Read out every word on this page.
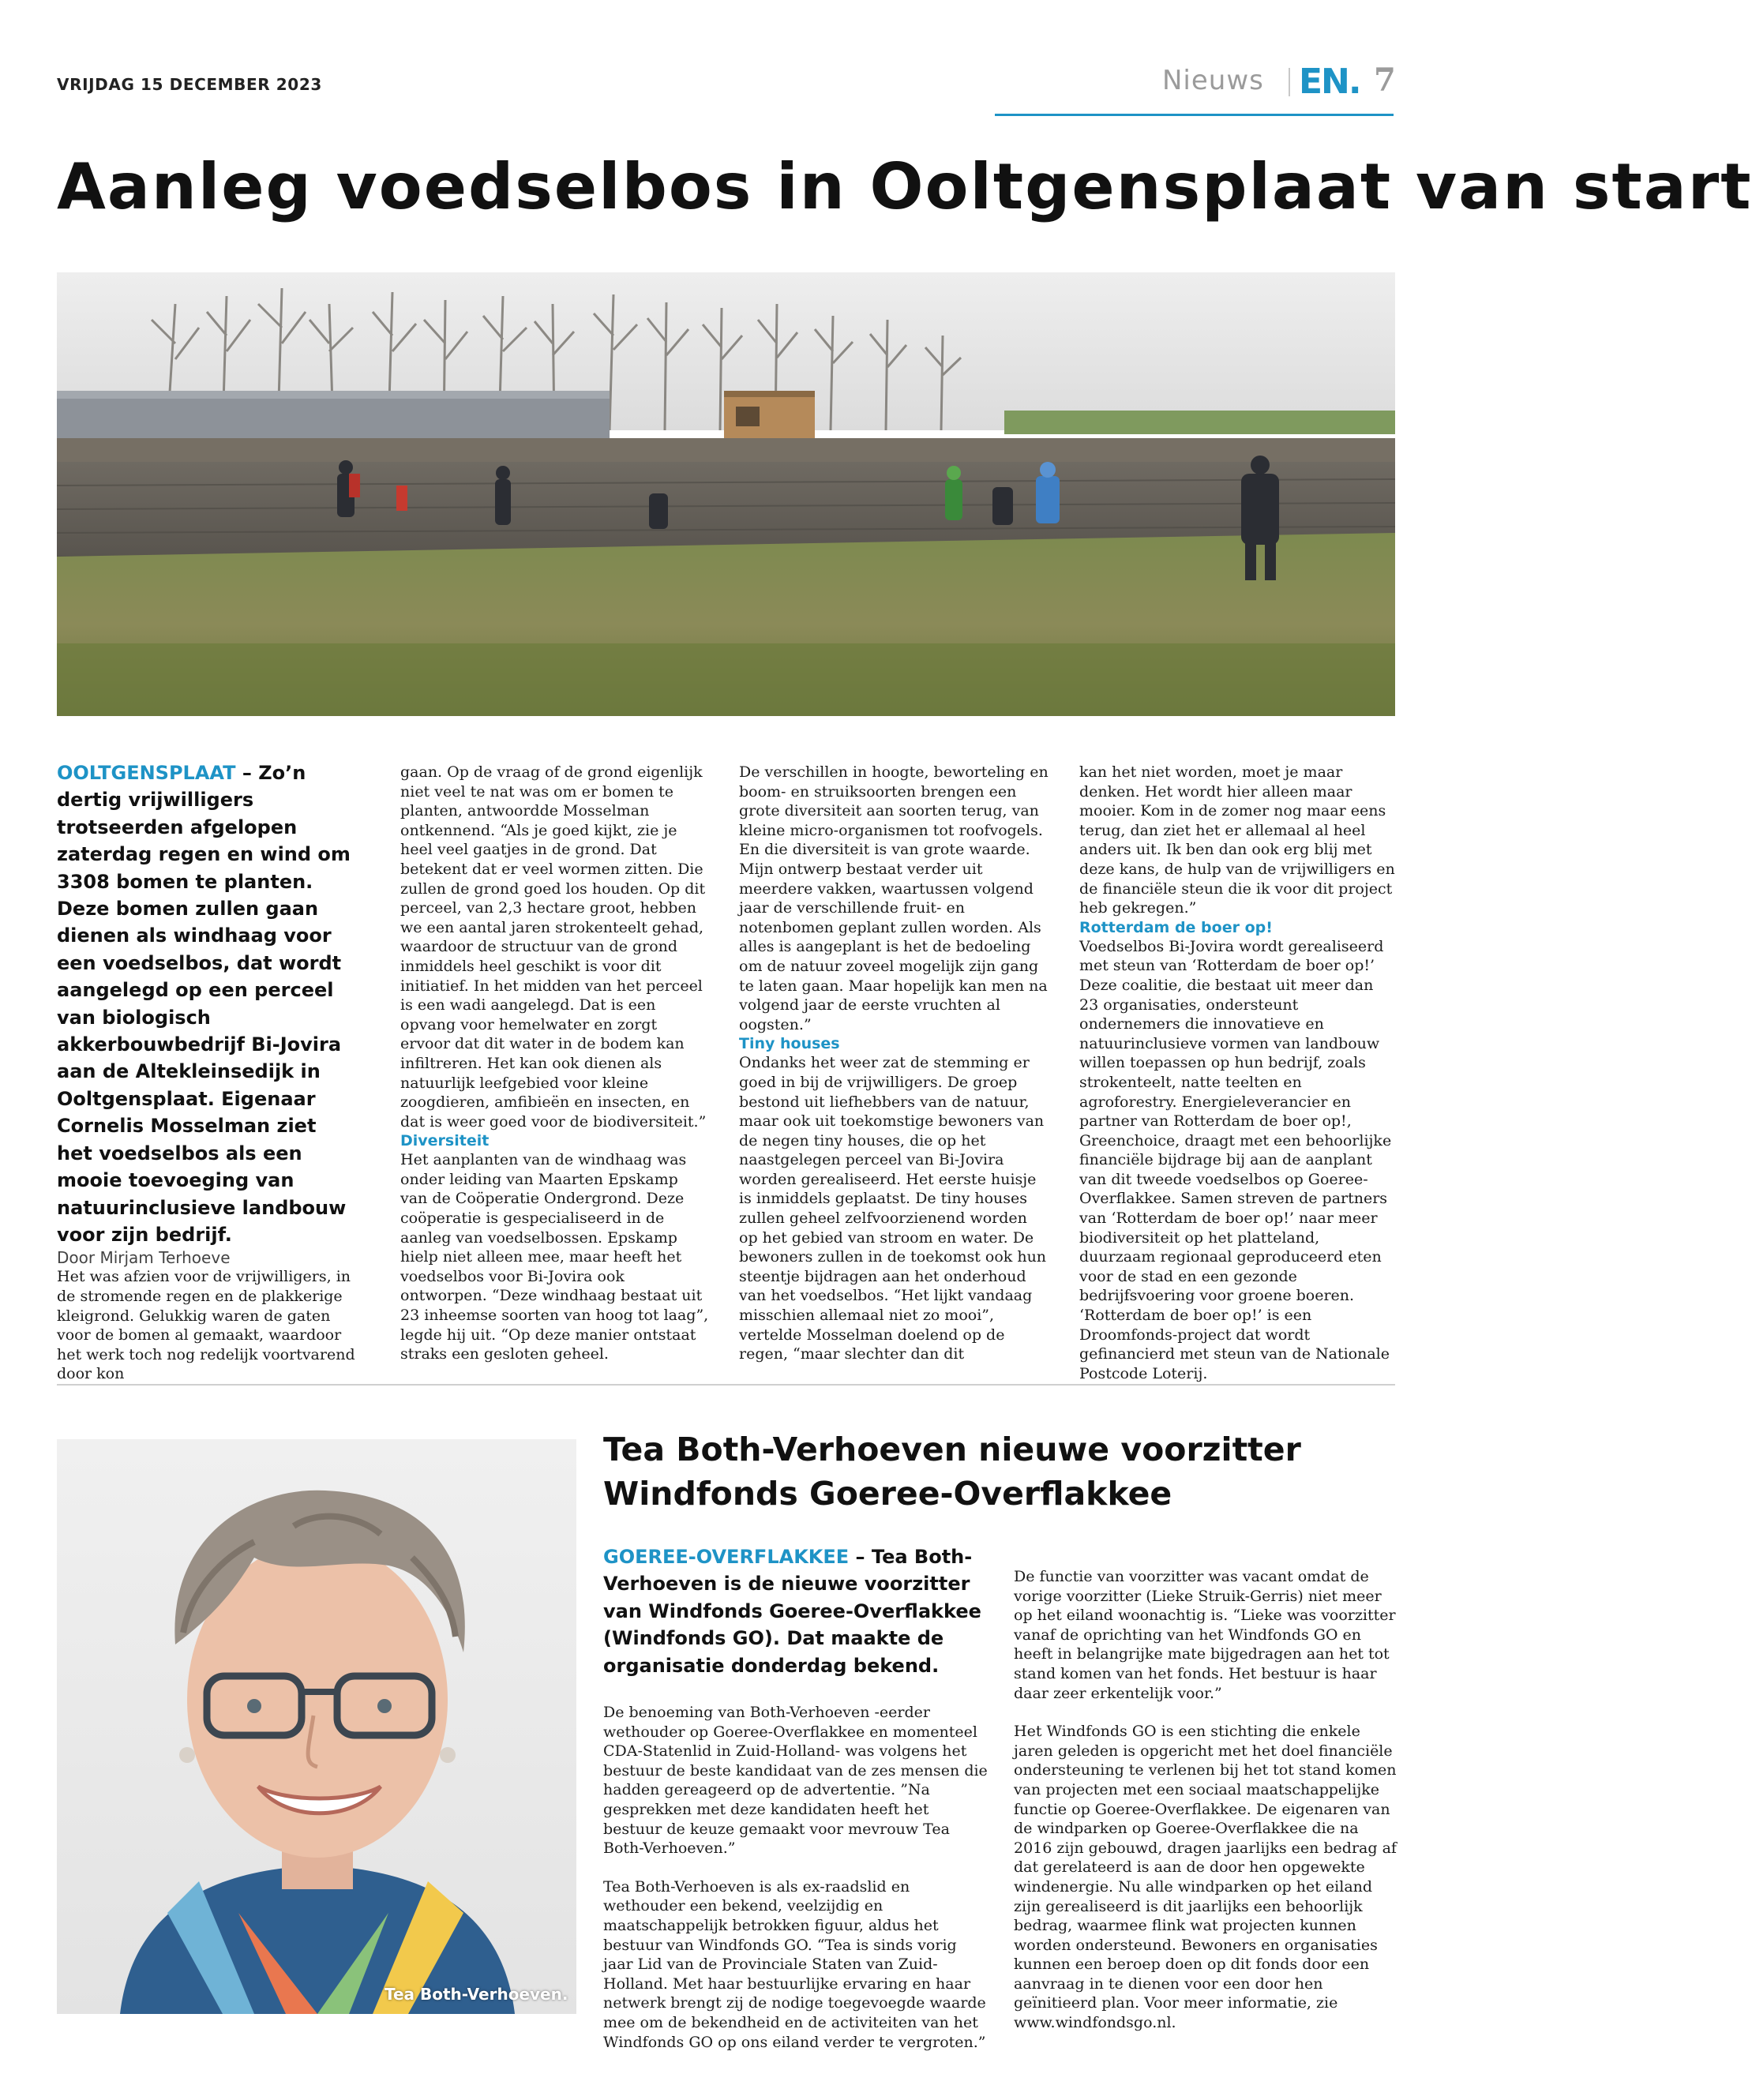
VRIJDAG 15 DECEMBER 2023	Nieuws EN. 7
Aanleg voedselbos in Ooltgensplaat van start

OOLTGENSPLAAT – Zo’n dertig vrijwilligers trotseerden afgelopen zaterdag regen en wind om 3308 bomen te planten. Deze bomen zullen gaan dienen als windhaag voor een voedselbos, dat wordt aangelegd op een perceel van biologisch akkerbouwbedrijf Bi-Jovira aan de Altekleinsedijk in Ooltgensplaat. Eigenaar Cornelis Mosselman ziet het voedselbos als een mooie toevoeging van natuurinclusieve landbouw voor zijn bedrijf.

Door Mirjam Terhoeve

Het was afzien voor de vrijwilligers, in de stromende regen en de plakkerige kleigrond. Gelukkig waren de gaten voor de bomen al gemaakt, waardoor het werk toch nog redelijk voortvarend door kon

gaan. Op de vraag of de grond eigenlijk niet veel te nat was om er bomen te planten, antwoordde Mosselman ontkennend. “Als je goed kijkt, zie je heel veel gaatjes in de grond. Dat betekent dat er veel wormen zitten. Die zullen de grond goed los houden. Op dit perceel, van 2,3 hectare groot, hebben we een aantal jaren strokenteelt gehad, waardoor de structuur van de grond inmiddels heel geschikt is voor dit initiatief. In het midden van het perceel is een wadi aangelegd. Dat is een opvang voor hemelwater en zorgt ervoor dat dit water in de bodem kan infiltreren. Het kan ook dienen als natuurlijk leefgebied voor kleine zoogdieren, amfibieën en insecten, en dat is weer goed voor de biodiversiteit.”

Diversiteit

Het aanplanten van de windhaag was onder leiding van Maarten Epskamp van de Coöperatie Ondergrond. Deze coöperatie is gespecialiseerd in de aanleg van voedselbossen. Epskamp hielp niet alleen mee, maar heeft het voedselbos voor Bi-Jovira ook ontworpen. “Deze windhaag bestaat uit 23 inheemse soorten van hoog tot laag”, legde hij uit. “Op deze manier ontstaat straks een gesloten geheel.

De verschillen in hoogte, beworteling en boom- en struiksoorten brengen een grote diversiteit aan soorten terug, van kleine micro-organismen tot roofvogels. En die diversiteit is van grote waarde. Mijn ontwerp bestaat verder uit meerdere vakken, waartussen volgend jaar de verschillende fruit- en notenbomen geplant zullen worden. Als alles is aangeplant is het de bedoeling om de natuur zoveel mogelijk zijn gang te laten gaan. Maar hopelijk kan men na volgend jaar de eerste vruchten al oogsten.”

Tiny houses

Ondanks het weer zat de stemming er goed in bij de vrijwilligers. De groep bestond uit liefhebbers van de natuur, maar ook uit toekomstige bewoners van de negen tiny houses, die op het naastgelegen perceel van Bi-Jovira worden gerealiseerd. Het eerste huisje is inmiddels geplaatst. De tiny houses zullen geheel zelfvoorzienend worden op het gebied van stroom en water. De bewoners zullen in de toekomst ook hun steentje bijdragen aan het onderhoud van het voedselbos. “Het lijkt vandaag misschien allemaal niet zo mooi”, vertelde Mosselman doelend op de regen, “maar slechter dan dit

kan het niet worden, moet je maar denken. Het wordt hier alleen maar mooier. Kom in de zomer nog maar eens terug, dan ziet het er allemaal al heel anders uit. Ik ben dan ook erg blij met deze kans, de hulp van de vrijwilligers en de financiële steun die ik voor dit project heb gekregen.”

Rotterdam de boer op!

Voedselbos Bi-Jovira wordt gerealiseerd met steun van ‘Rotterdam de boer op!’ Deze coalitie, die bestaat uit meer dan 23 organisaties, ondersteunt ondernemers die innovatieve en natuurinclusieve vormen van landbouw willen toepassen op hun bedrijf, zoals strokenteelt, natte teelten en agroforestry. Energieleverancier en partner van Rotterdam de boer op!, Greenchoice, draagt met een behoorlijke financiële bijdrage bij aan de aanplant van dit tweede voedselbos op Goeree-Overflakkee. Samen streven de partners van ‘Rotterdam de boer op!’ naar meer biodiversiteit op het platteland, duurzaam regionaal geproduceerd eten voor de stad en een gezonde bedrijfsvoering voor groene boeren. ‘Rotterdam de boer op!’ is een Droomfonds-project dat wordt gefinancierd met steun van de Nationale Postcode Loterij.

Tea Both-Verhoeven.
Tea Both-Verhoeven nieuwe voorzitter Windfonds Goeree-Overflakkee

GOEREE-OVERFLAKKEE – Tea Both-Verhoeven is de nieuwe voorzitter van Windfonds Goeree-Overflakkee (Windfonds GO). Dat maakte de organisatie donderdag bekend.

De benoeming van Both-Verhoeven -eerder wethouder op Goeree-Overflakkee en momenteel CDA-Statenlid in Zuid-Holland- was volgens het bestuur de beste kandidaat van de zes mensen die hadden gereageerd op de advertentie. ”Na gesprekken met deze kandidaten heeft het bestuur de keuze gemaakt voor mevrouw Tea Both-Verhoeven.”

Tea Both-Verhoeven is als ex-raadslid en wethouder een bekend, veelzijdig en maatschappelijk betrokken figuur, aldus het bestuur van Windfonds GO. “Tea is sinds vorig jaar Lid van de Provinciale Staten van Zuid-Holland. Met haar bestuurlijke ervaring en haar netwerk brengt zij de nodige toegevoegde waarde mee om de bekendheid en de activiteiten van het Windfonds GO op ons eiland verder te vergroten.”

De functie van voorzitter was vacant omdat de vorige voorzitter (Lieke Struik-Gerris) niet meer op het eiland woonachtig is. “Lieke was voorzitter vanaf de oprichting van het Windfonds GO en heeft in belangrijke mate bijgedragen aan het tot stand komen van het fonds. Het bestuur is haar daar zeer erkentelijk voor.”

Het Windfonds GO is een stichting die enkele jaren geleden is opgericht met het doel financiële ondersteuning te verlenen bij het tot stand komen van projecten met een sociaal maatschappelijke functie op Goeree-Overflakkee. De eigenaren van de windparken op Goeree-Overflakkee die na 2016 zijn gebouwd, dragen jaarlijks een bedrag af dat gerelateerd is aan de door hen opgewekte windenergie. Nu alle windparken op het eiland zijn gerealiseerd is dit jaarlijks een behoorlijk bedrag, waarmee flink wat projecten kunnen worden ondersteund. Bewoners en organisaties kunnen een beroep doen op dit fonds door een aanvraag in te dienen voor een door hen geïnitieerd plan. Voor meer informatie, zie www.windfondsgo.nl.
